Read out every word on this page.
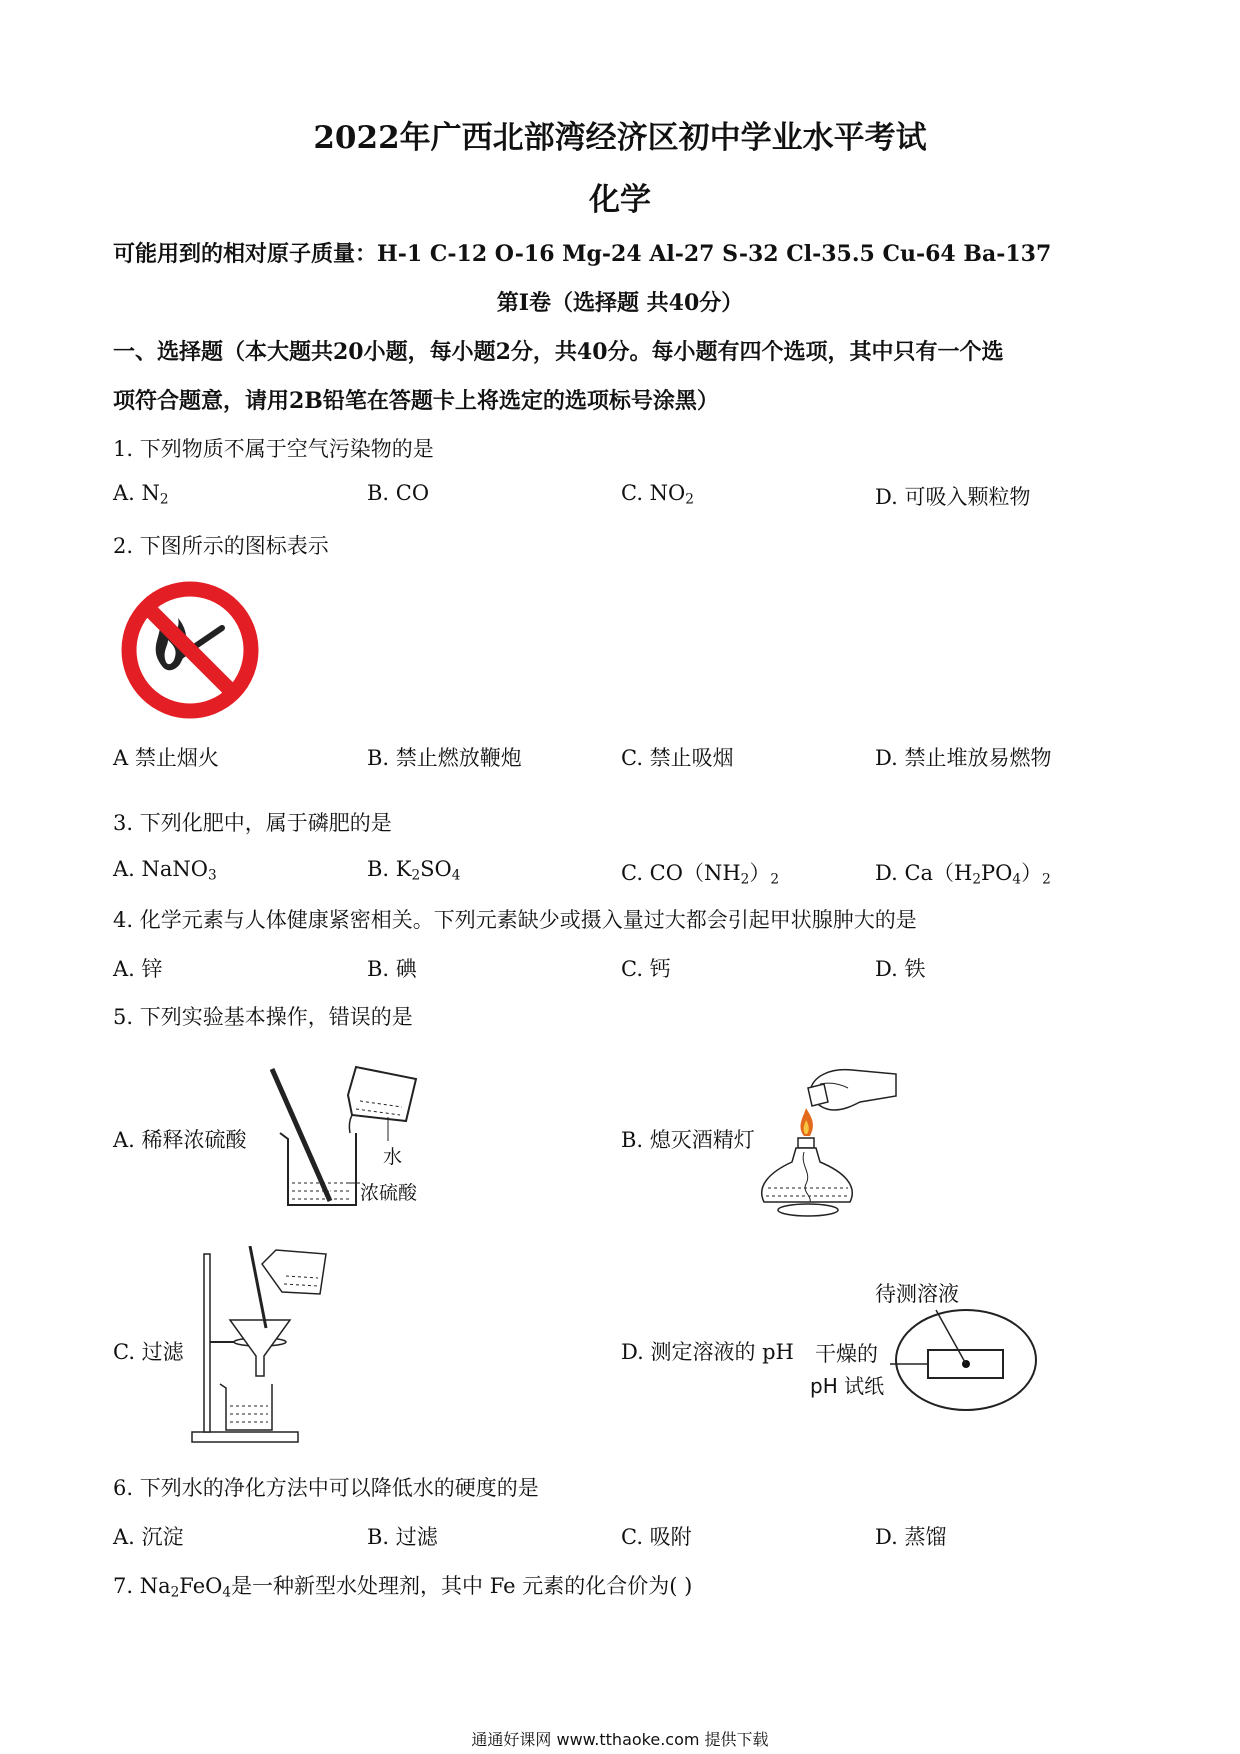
2022年广西北部湾经济区初中学业水平考试
化学
可能用到的相对原子质量：H-1 C-12 O-16 Mg-24 Al-27 S-32 Cl-35.5 Cu-64 Ba-137
第Ⅰ卷（选择题 共40分）
一、选择题（本大题共20小题，每小题2分，共40分。每小题有四个选项，其中只有一个选
项符合题意，请用2B铅笔在答题卡上将选定的选项标号涂黑）
1. 下列物质不属于空气污染物的是
A. $N_2$	B. CO	C. $NO_2$	D. 可吸入颗粒物
2. 下图所示的图标表示
A 禁止烟火	B. 禁止燃放鞭炮	C. 禁止吸烟	D. 禁止堆放易燃物
3. 下列化肥中，属于磷肥的是
A. NaNO$_3$	B. $K_2SO_4$	C. $CO(NH_2)_2$	D. $Ca(H_2PO_4)_2$
4. 化学元素与人体健康紧密相关。下列元素缺少或摄入量过大都会引起甲状腺肿大的是
A. 锌	B. 碘	C. 钙	D. 铁
5. 下列实验基本操作，错误的是
A. 稀释浓硫酸
水
浓硫酸
B. 熄灭酒精灯
C. 过滤	D. 测定溶液的 pH
待测溶液
干燥的
pH 试纸
6. 下列水的净化方法中可以降低水的硬度的是
A. 沉淀	B. 过滤	C. 吸附	D. 蒸馏
7. $Na_2FeO_4$是一种新型水处理剂，其中 Fe 元素的化合价为( )
通通好课网 www.tthaoke.com 提供下载
